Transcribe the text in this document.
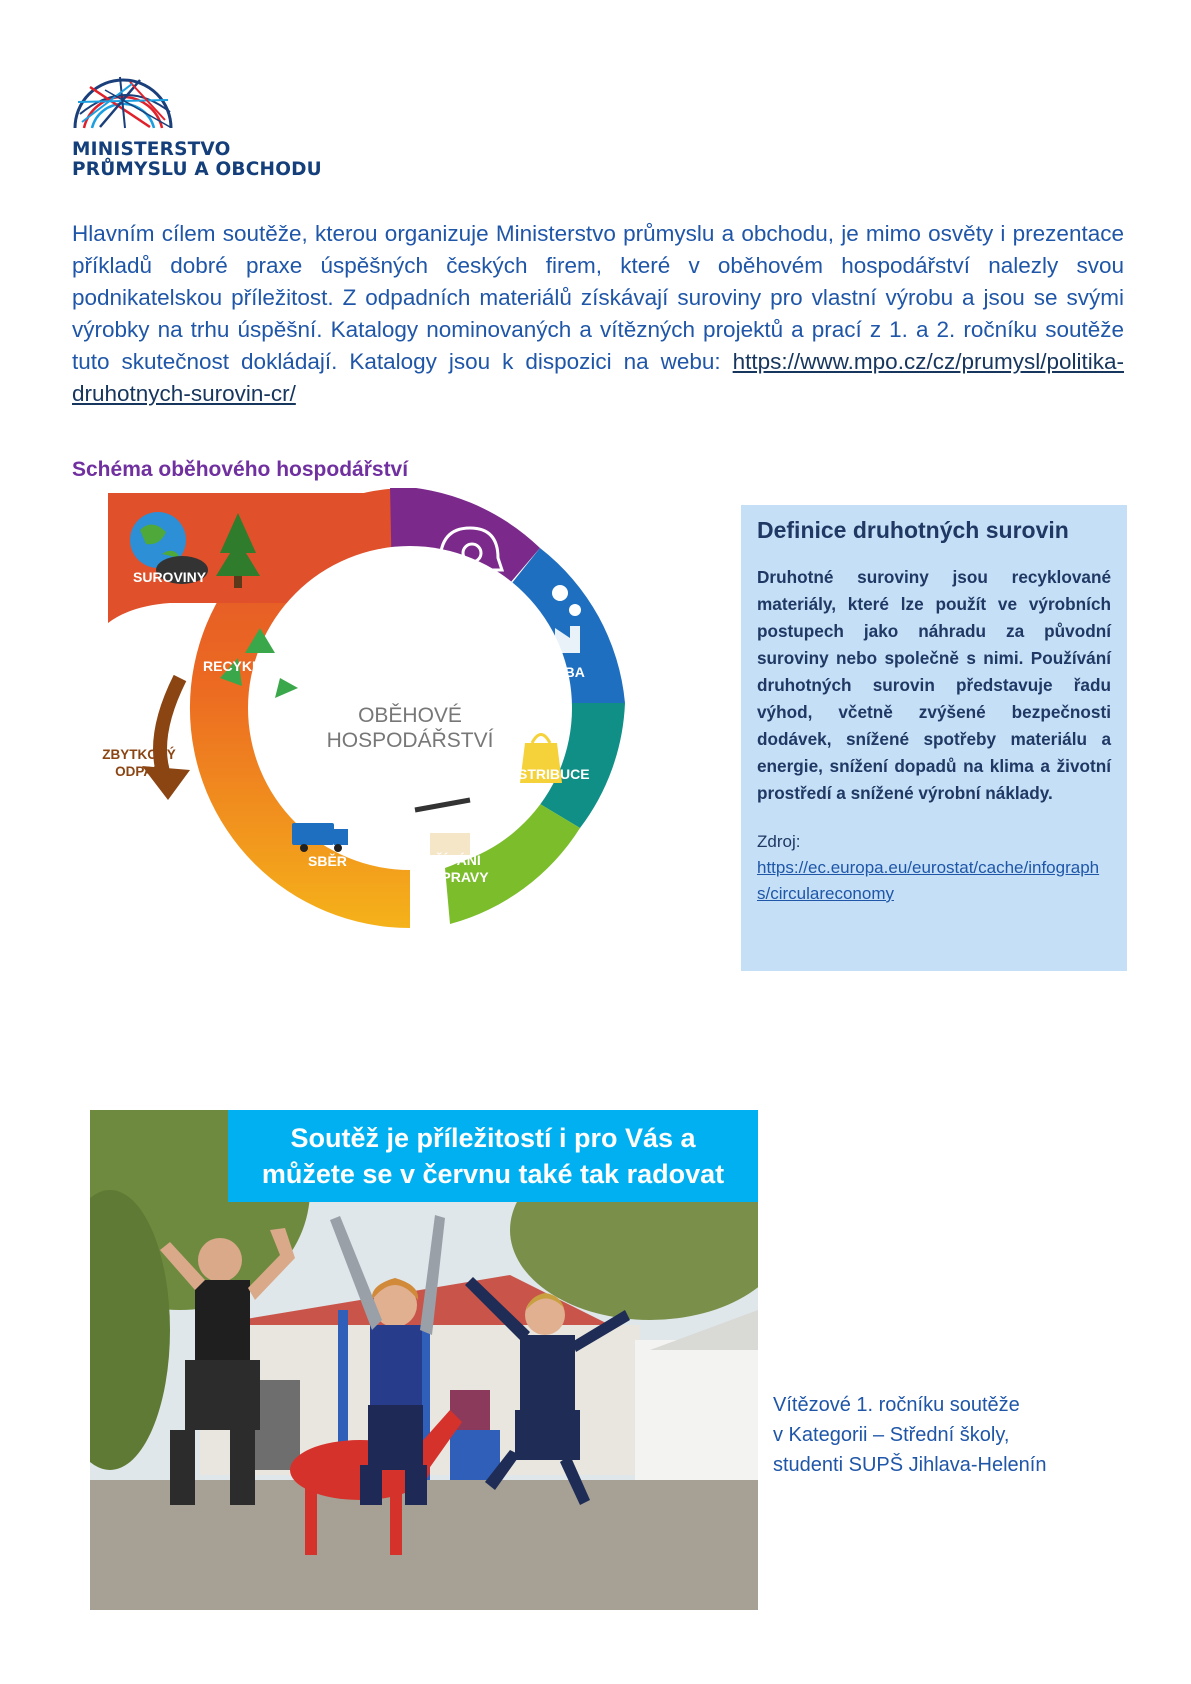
MINISTERSTVO
PRŮMYSLU A OBCHODU

Hlavním cílem soutěže, kterou organizuje Ministerstvo průmyslu a obchodu, je mimo osvěty i prezentace příkladů dobré praxe úspěšných českých firem, které v oběhovém hospodářství nalezly svou podnikatelskou příležitost. Z odpadních materiálů získávají suroviny pro vlastní výrobu a jsou se svými výrobky na trhu úspěšní. Katalogy nominovaných a vítězných projektů a prací z 1. a 2. ročníku soutěže tuto skutečnost dokládají. Katalogy jsou k dispozici na webu: https://www.mpo.cz/cz/prumysl/politika-druhotnych-surovin-cr/

Schéma oběhového hospodářství
SUROVINY	DESIGN
VÝROBA
DISTRIBUCE
UŽÍVÁNÍ
A OPRAVY
SBĚR
RECYKLACE
OBĚHOVÉ
HOSPODÁŘSTVÍ
ZBYTKOVÝ
ODPAD
Definice druhotných surovin

Druhotné suroviny jsou recyklované materiály, které lze použít ve výrobních postupech jako náhradu za původní suroviny nebo společně s nimi. Používání druhotných surovin představuje řadu výhod, včetně zvýšené bezpečnosti dodávek, snížené spotřeby materiálu a energie, snížení dopadů na klima a životní prostředí a snížené výrobní náklady.

Zdroj:

https://ec.europa.eu/eurostat/cache/infographs/circulareconomy
Soutěž je příležitostí i pro Vás a
můžete se v červnu také tak radovat
Vítězové 1. ročníku soutěže
v Kategorii – Střední školy,
studenti SUPŠ Jihlava-Helenín
